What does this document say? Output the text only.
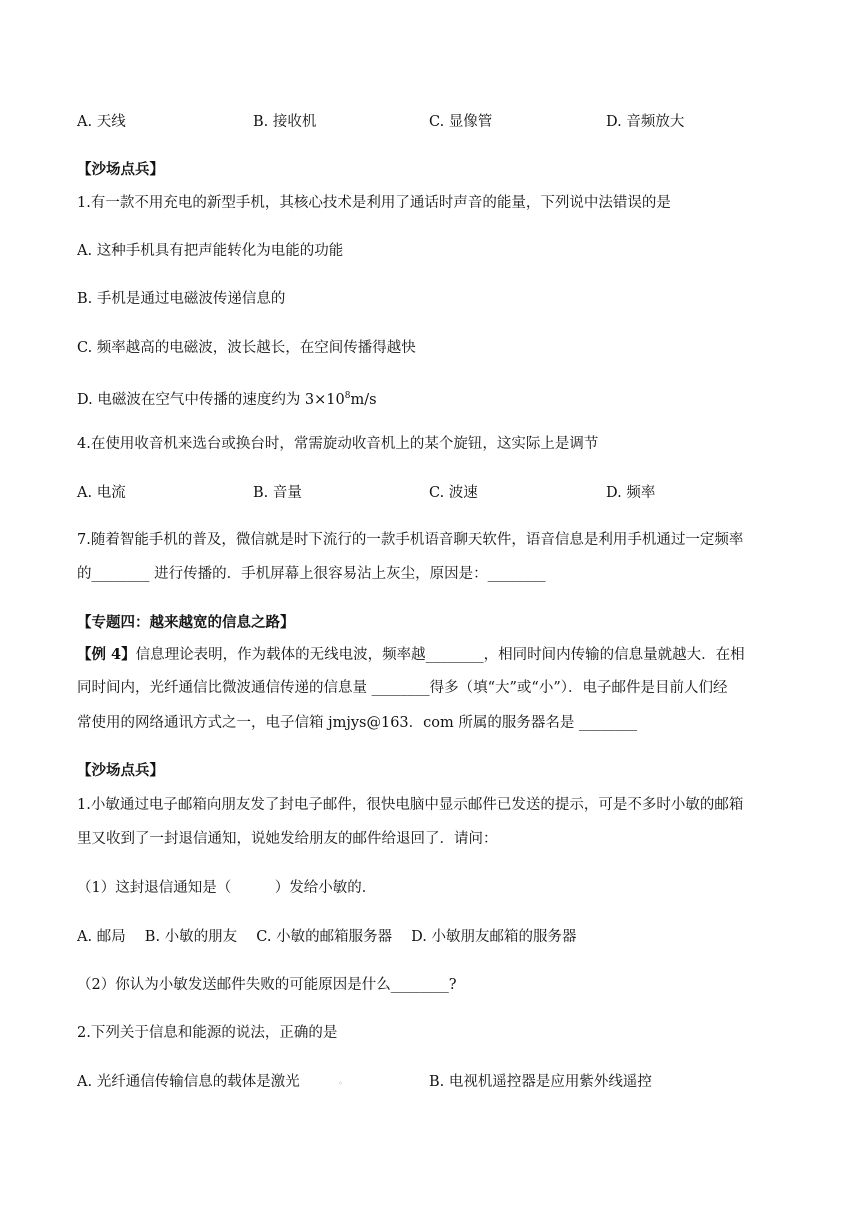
A. 天线	B. 接收机	C. 显像管	D. 音频放大
【沙场点兵】
1.有一款不用充电的新型手机，其核心技术是利用了通话时声音的能量，下列说中法错误的是
A. 这种手机具有把声能转化为电能的功能
B. 手机是通过电磁波传递信息的
C. 频率越高的电磁波，波长越长，在空间传播得越快
D. 电磁波在空气中传播的速度约为 $3\times 10^8m/s$
4.在使用收音机来选台或换台时，常需旋动收音机上的某个旋钮，这实际上是调节
A. 电流	B. 音量	C. 波速	D. 频率
7.随着智能手机的普及，微信就是时下流行的一款手机语音聊天软件，语音信息是利用手机通过一定频率
的________ 进行传播的．手机屏幕上很容易沾上灰尘，原因是：________
【专题四：越来越宽的信息之路】
【例 4】信息理论表明，作为载体的无线电波，频率越________，相同时间内传输的信息量就越大．在相
同时间内，光纤通信比微波通信传递的信息量 ________得多（填“大”或“小”）．电子邮件是目前人们经
常使用的网络通讯方式之一，电子信箱 jmjys@163．com 所属的服务器名是 ________
【沙场点兵】
1.小敏通过电子邮箱向朋友发了封电子邮件，很快电脑中显示邮件已发送的提示，可是不多时小敏的邮箱
里又收到了一封退信通知，说她发给朋友的邮件给退回了．请问：
（1）这封退信通知是（　　　）发给小敏的．
A. 邮局　 B. 小敏的朋友　 C. 小敏的邮箱服务器　 D. 小敏朋友邮箱的服务器
（2）你认为小敏发送邮件失败的可能原因是什么________?
2.下列关于信息和能源的说法，正确的是
A. 光纤通信传输信息的载体是激光	◦	B. 电视机遥控器是应用紫外线遥控
